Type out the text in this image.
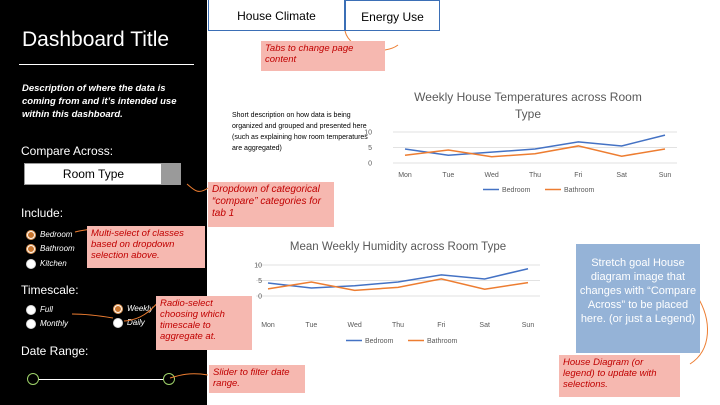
Dashboard Title
Description of where the data is coming from and it’s intended use within this dashboard.
Compare Across:
Room Type
Include:
Bedroom
Bathroom
Kitchen
Timescale:
Full	Weekly
Monthly	Daily
Date Range:
House Climate	Energy Use
Short description on how data is being organized and grouped and presented here (such as explaining how room temperatures are aggregated)
Weekly House Temperatures across Room
Type
0
5
10
Mon	Tue	Wed	Thu	Fri	Sat	Sun
Bedroom	Bathroom
Mean Weekly Humidity across Room Type
0
5
10
Mon	Tue	Wed	Thu	Fri	Sat	Sun
Bedroom	Bathroom
Tabs to change page content
Dropdown of categorical “compare” categories for tab 1
Multi-select of classes based on dropdown selection above.
Radio-select choosing which timescale to aggregate at.
Slider to filter date range.
Stretch goal House diagram image that changes with “Compare Across” to be placed here. (or just a Legend)
House Diagram (or legend) to update with selections.
